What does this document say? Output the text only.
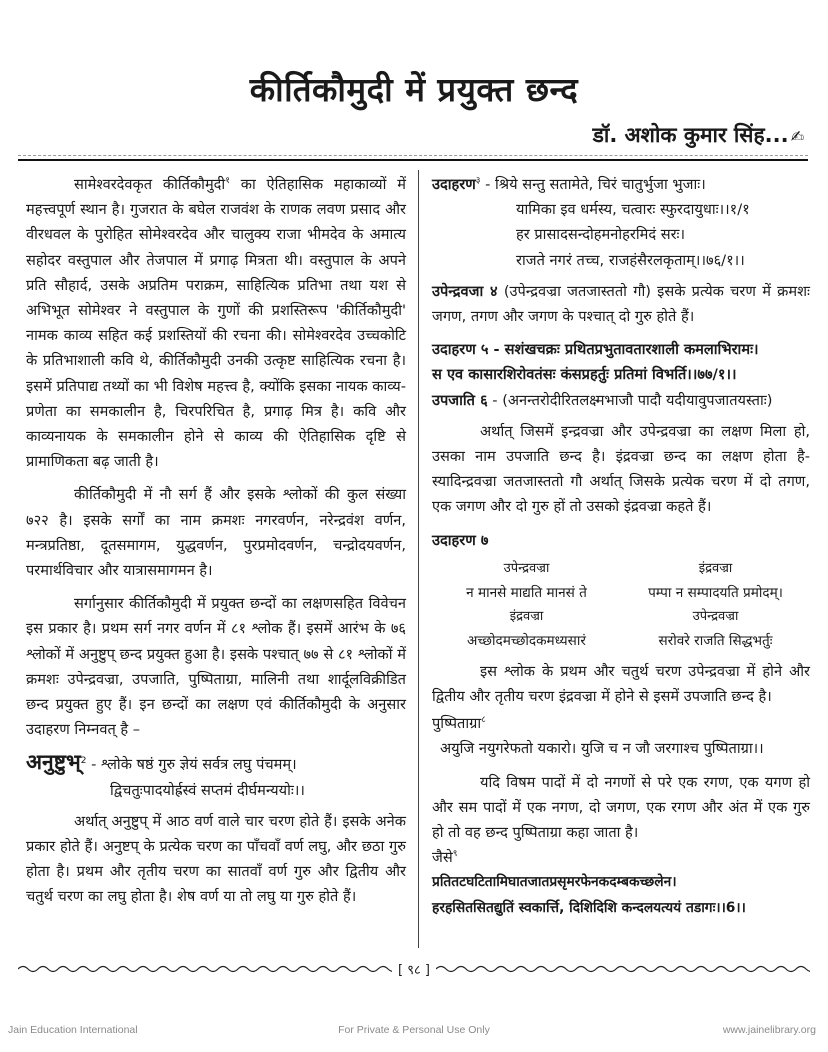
कीर्तिकौमुदी में प्रयुक्त छन्द
डॉ. अशोक कुमार सिंह... ✍

सामेश्वरदेवकृत कीर्तिकौमुदी$^१$ का ऐतिहासिक महाकाव्यों में महत्त्वपूर्ण स्थान है। गुजरात के बघेल राजवंश के राणक लवण प्रसाद और वीरधवल के पुरोहित सोमेश्वरदेव और चालुक्य राजा भीमदेव के अमात्य सहोदर वस्तुपाल और तेजपाल में प्रगाढ़ मित्रता थी। वस्तुपाल के अपने प्रति सौहार्द, उसके अप्रतिम पराक्रम, साहित्यिक प्रतिभा तथा यश से अभिभूत सोमेश्वर ने वस्तुपाल के गुणों की प्रशस्तिरूप 'कीर्तिकौमुदी' नामक काव्य सहित कई प्रशस्तियों की रचना की। सोमेश्वरदेव उच्चकोटि के प्रतिभाशाली कवि थे, कीर्तिकौमुदी उनकी उत्कृष्ट साहित्यिक रचना है। इसमें प्रतिपाद्य तथ्यों का भी विशेष महत्त्व है, क्योंकि इसका नायक काव्य-प्रणेता का समकालीन है, चिरपरिचित है, प्रगाढ़ मित्र है। कवि और काव्यनायक के समकालीन होने से काव्य की ऐतिहासिक दृष्टि से प्रामाणिकता बढ़ जाती है।

कीर्तिकौमुदी में नौ सर्ग हैं और इसके श्लोकों की कुल संख्या ७२२ है। इसके सर्गों का नाम क्रमशः नगरवर्णन, नरेन्द्रवंश वर्णन, मन्त्रप्रतिष्ठा, दूतसमागम, युद्धवर्णन, पुरप्रमोदवर्णन, चन्द्रोदयवर्णन, परमार्थविचार और यात्रासमागमन है।

सर्गानुसार कीर्तिकौमुदी में प्रयुक्त छन्दों का लक्षणसहित विवेचन इस प्रकार है। प्रथम सर्ग नगर वर्णन में ८१ श्लोक हैं। इसमें आरंभ के ७६ श्लोकों में अनुष्टुप् छन्द प्रयुक्त हुआ है। इसके पश्चात् ७७ से ८१ श्लोकों में क्रमशः उपेन्द्रवज्रा, उपजाति, पुष्पिताग्रा, मालिनी तथा शार्दूलविक्रीडित छन्द प्रयुक्त हुए हैं। इन छन्दों का लक्षण एवं कीर्तिकौमुदी के अनुसार उदाहरण निम्नवत् है –

अनुष्टुभ्$^2$ - श्लोके षष्ठं गुरु ज्ञेयं सर्वत्र लघु पंचमम्।
द्विचतुःपादयोर्ह्रस्वं सप्तमं दीर्घमन्ययोः।।

अर्थात् अनुष्टुप् में आठ वर्ण वाले चार चरण होते हैं। इसके अनेक प्रकार होते हैं। अनुष्टप् के प्रत्येक चरण का पाँचवाँ वर्ण लघु, और छठा गुरु होता है। प्रथम और तृतीय चरण का सातवाँ वर्ण गुरु और द्वितीय और चतुर्थ चरण का लघु होता है। शेष वर्ण या तो लघु या गुरु होते हैं।

उदाहरण$^३$ - श्रिये सन्तु सतामेते, चिरं चातुर्भुजा भुजाः।
यामिका इव धर्मस्य, चत्वारः स्फुरदायुधाः।।१/१
हर प्रासादसन्दोहमनोहरमिदं सरः।
राजते नगरं तच्च, राजहंसैरलकृताम्।।७६/१।।

उपेन्द्रवजा ४ (उपेन्द्रवज्रा जतजास्ततो गौ) इसके प्रत्येक चरण में क्रमशः जगण, तगण और जगण के पश्चात् दो गुरु होते हैं।

उदाहरण ५ - सशंखचक्रः प्रथितप्रभुतावतारशाली कमलाभिरामः।
स एव कासारशिरोवतंसः कंसप्रहर्तुः प्रतिमां विभर्ति।।७७/१।।
उपजाति ६ - (अनन्तरोदीरितलक्ष्मभाजौ पादौ यदीयावुपजातयस्ताः)

अर्थात् जिसमें इन्द्रवज्रा और उपेन्द्रवज्रा का लक्षण मिला हो, उसका नाम उपजाति छन्द है। इंद्रवज्रा छन्द का लक्षण होता है-स्यादिन्द्रवज्रा जतजास्ततो गौ अर्थात् जिसके प्रत्येक चरण में दो तगण, एक जगण और दो गुरु हों तो उसको इंद्रवज्रा कहते हैं।

उदाहरण ७
उपेन्द्रवज्रा	इंद्रवज्रा
न मानसे माद्यति मानसं ते	पम्पा न सम्पादयति प्रमोदम्।
इंद्रवज्रा	उपेन्द्रवज्रा
अच्छोदमच्छोदकमध्यसारं	सरोवरे राजति सिद्धभर्तुः

इस श्लोक के प्रथम और चतुर्थ चरण उपेन्द्रवज्रा में होने और द्वितीय और तृतीय चरण इंद्रवज्रा में होने से इसमें उपजाति छन्द है।

पुष्पिताग्रा$^८$
अयुजि नयुगरेफतो यकारो। युजि च न जौ जरगाश्च पुष्पिताग्रा।।

यदि विषम पादों में दो नगणों से परे एक रगण, एक यगण हो और सम पादों में एक नगण, दो जगण, एक रगण और अंत में एक गुरु हो तो वह छन्द पुष्पिताग्रा कहा जाता है।

जैसे$^९$
प्रतितटघटितामिघातजातप्रसृमरफेनकदम्बकच्छलेन।
हरहसितसितद्युतिं स्वकार्त्ति, दिशिदिशि कन्दलयत्ययं तडागः।।6।।
[ ९८ ]
Jain Education International	For Private & Personal Use Only	www.jainelibrary.org
